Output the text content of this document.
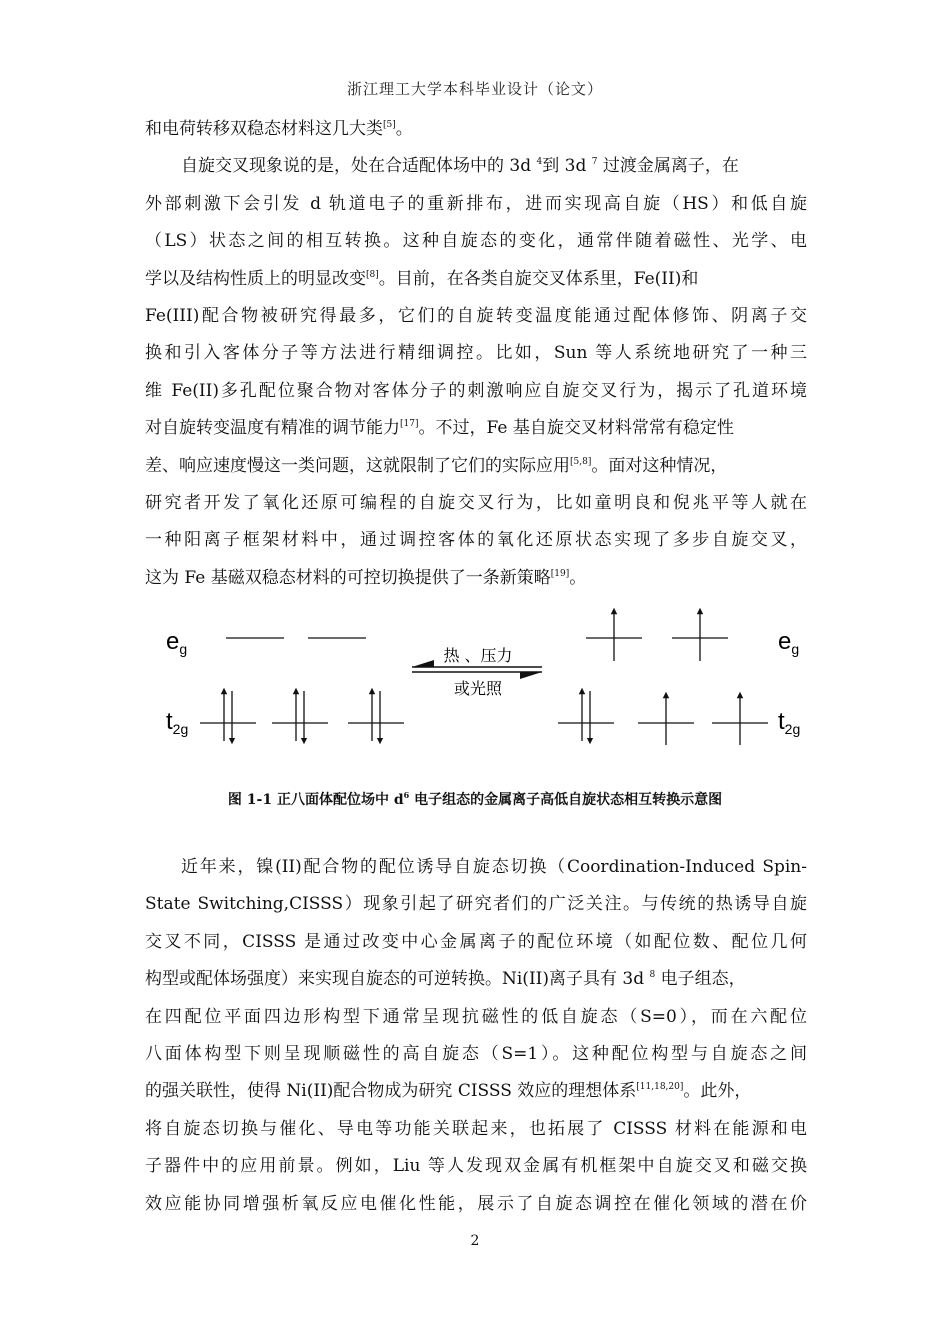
浙江理工大学本科毕业设计（论文）
和电荷转移双稳态材料这几大类[5]。
自旋交叉现象说的是，处在合适配体场中的 3d $^4$到 3d $^7$ 过渡金属离子，在
外部刺激下会引发 d 轨道电子的重新排布，进而实现高自旋（HS）和低自旋
（LS）状态之间的相互转换。这种自旋态的变化，通常伴随着磁性、光学、电
学以及结构性质上的明显改变[8]。目前，在各类自旋交叉体系里，Fe(II)和
Fe(III)配合物被研究得最多，它们的自旋转变温度能通过配体修饰、阴离子交
换和引入客体分子等方法进行精细调控。比如，Sun 等人系统地研究了一种三
维 Fe(II)多孔配位聚合物对客体分子的刺激响应自旋交叉行为，揭示了孔道环境
对自旋转变温度有精准的调节能力[17]。不过，Fe 基自旋交叉材料常常有稳定性
差、响应速度慢这一类问题，这就限制了它们的实际应用[5,8]。面对这种情况，
研究者开发了氧化还原可编程的自旋交叉行为，比如童明良和倪兆平等人就在
一种阳离子框架材料中，通过调控客体的氧化还原状态实现了多步自旋交叉，
这为 Fe 基磁双稳态材料的可控切换提供了一条新策略[19]。
$e_g$
$t_{2g}$
$e_g$
$t_{2g}$
热 、压力
或光照
图 1-1 正八面体配位场中 $d^6$ 电子组态的金属离子高低自旋状态相互转换示意图
近年来，镍(II)配合物的配位诱导自旋态切换（Coordination-Induced Spin-
State Switching,CISSS）现象引起了研究者们的广泛关注。与传统的热诱导自旋
交叉不同，CISSS 是通过改变中心金属离子的配位环境（如配位数、配位几何
构型或配体场强度）来实现自旋态的可逆转换。Ni(II)离子具有 3d $^8$ 电子组态，
在四配位平面四边形构型下通常呈现抗磁性的低自旋态（S=0），而在六配位
八面体构型下则呈现顺磁性的高自旋态（S=1）。这种配位构型与自旋态之间
的强关联性，使得 Ni(II)配合物成为研究 CISSS 效应的理想体系[11,18,20]。此外，
将自旋态切换与催化、导电等功能关联起来，也拓展了 CISSS 材料在能源和电
子器件中的应用前景。例如，Liu 等人发现双金属有机框架中自旋交叉和磁交换
效应能协同增强析氧反应电催化性能，展示了自旋态调控在催化领域的潜在价
2
